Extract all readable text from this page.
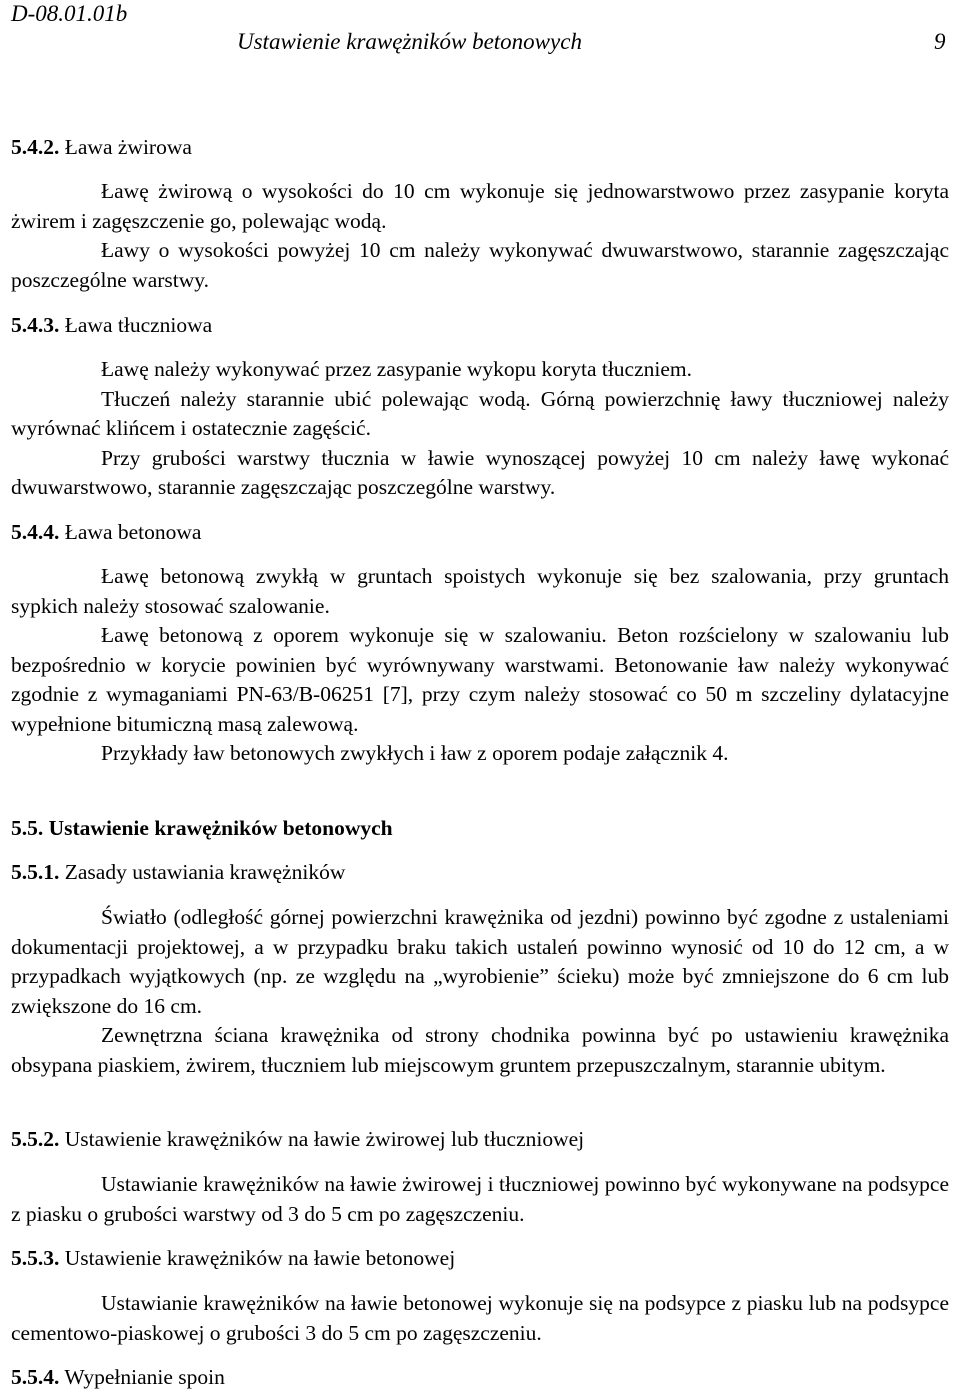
D-08.01.01b
Ustawienie krawężników betonowych	9
5.4.2. Ława żwirowa

Ławę żwirową o wysokości do 10 cm wykonuje się jednowarstwowo przez zasypanie koryta żwirem i zagęszczenie go, polewając wodą.

Ławy o wysokości powyżej 10 cm należy wykonywać dwuwarstwowo, starannie zagęszczając poszczególne warstwy.

5.4.3. Ława tłuczniowa

Ławę należy wykonywać przez zasypanie wykopu koryta tłuczniem.

Tłuczeń należy starannie ubić polewając wodą. Górną powierzchnię ławy tłuczniowej należy wyrównać klińcem i ostatecznie zagęścić.

Przy grubości warstwy tłucznia w ławie wynoszącej powyżej 10 cm należy ławę wykonać dwuwarstwowo, starannie zagęszczając poszczególne warstwy.

5.4.4. Ława betonowa

Ławę betonową zwykłą w gruntach spoistych wykonuje się bez szalowania, przy gruntach sypkich należy stosować szalowanie.

Ławę betonową z oporem wykonuje się w szalowaniu. Beton rozścielony w szalowaniu lub bezpośrednio w korycie powinien być wyrównywany warstwami. Betonowanie ław należy wykonywać zgodnie z wymaganiami PN-63/B-06251 [7], przy czym należy stosować co 50 m szczeliny dylatacyjne wypełnione bitumiczną masą zalewową.

Przykłady ław betonowych zwykłych i ław z oporem podaje załącznik 4.

5.5. Ustawienie krawężników betonowych
5.5.1. Zasady ustawiania krawężników

Światło (odległość górnej powierzchni krawężnika od jezdni) powinno być zgodne z ustaleniami dokumentacji projektowej, a w przypadku braku takich ustaleń powinno wynosić od 10 do 12 cm, a w przypadkach wyjątkowych (np. ze względu na „wyrobienie” ścieku) może być zmniejszone do 6 cm lub zwiększone do 16 cm.

Zewnętrzna ściana krawężnika od strony chodnika powinna być po ustawieniu krawężnika obsypana piaskiem, żwirem, tłuczniem lub miejscowym gruntem przepuszczalnym, starannie ubitym.

5.5.2. Ustawienie krawężników na ławie żwirowej lub tłuczniowej

Ustawianie krawężników na ławie żwirowej i tłuczniowej powinno być wykonywane na podsypce z piasku o grubości warstwy od 3 do 5 cm po zagęszczeniu.

5.5.3. Ustawienie krawężników na ławie betonowej

Ustawianie krawężników na ławie betonowej wykonuje się na podsypce z piasku lub na podsypce cementowo-piaskowej o grubości 3 do 5 cm po zagęszczeniu.

5.5.4. Wypełnianie spoin
